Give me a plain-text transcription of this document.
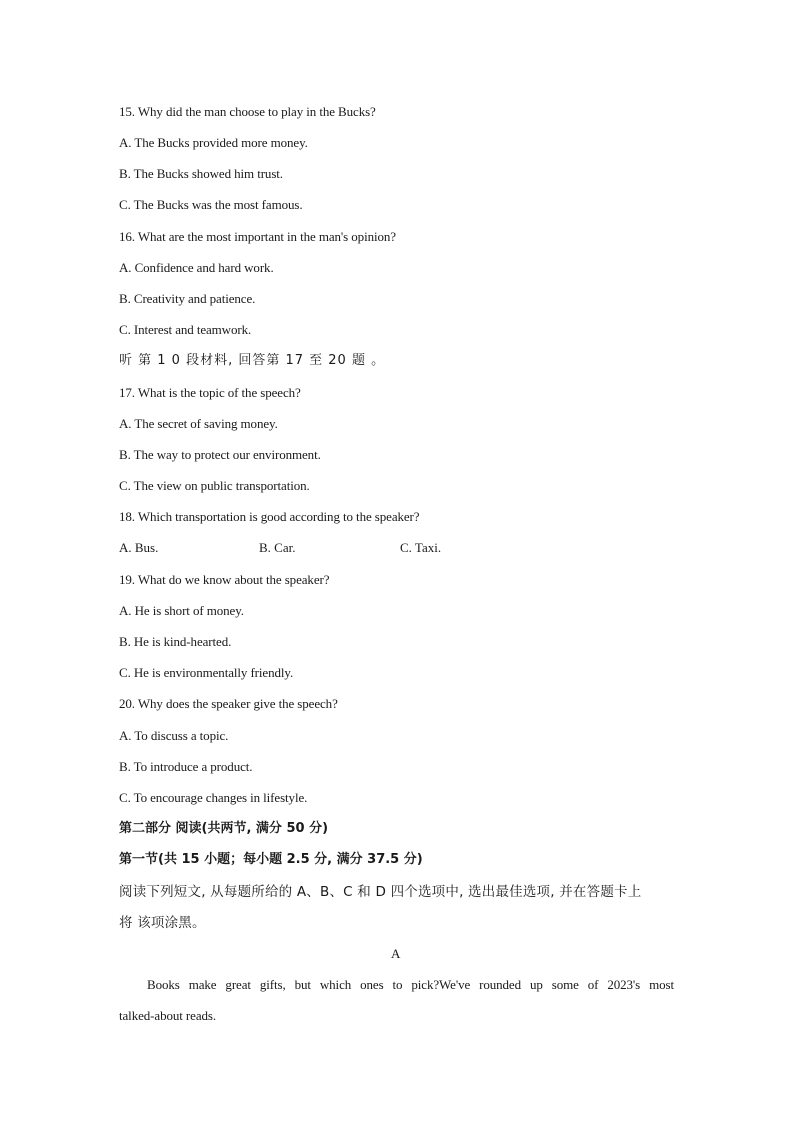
15. Why did the man choose to play in the Bucks?
A. The Bucks provided more money.
B. The Bucks showed him trust.
C. The Bucks was the most famous.
16. What are the most important in the man's opinion?
A. Confidence and hard work.
B. Creativity and patience.
C. Interest and teamwork.
听 第 1 0 段材料, 回答第 17 至 20 题 。
17. What is the topic of the speech?
A. The secret of saving money.
B. The way to protect our environment.
C. The view on public transportation.
18. Which transportation is good according to the speaker?
A. Bus.	B. Car.	C. Taxi.
19. What do we know about the speaker?
A. He is short of money.
B. He is kind-hearted.
C. He is environmentally friendly.
20. Why does the speaker give the speech?
A. To discuss a topic.
B. To introduce a product.
C. To encourage changes in lifestyle.
第二部分 阅读(共两节, 满分 50 分)
第一节(共 15 小题；每小题 2.5 分, 满分 37.5 分)
阅读下列短文, 从每题所给的 A、B、C 和 D 四个选项中, 选出最佳选项, 并在答题卡上
将 该项涂黑。
A
Books make great gifts, but which ones to pick?We've rounded up some of 2023's most
talked-about reads.
